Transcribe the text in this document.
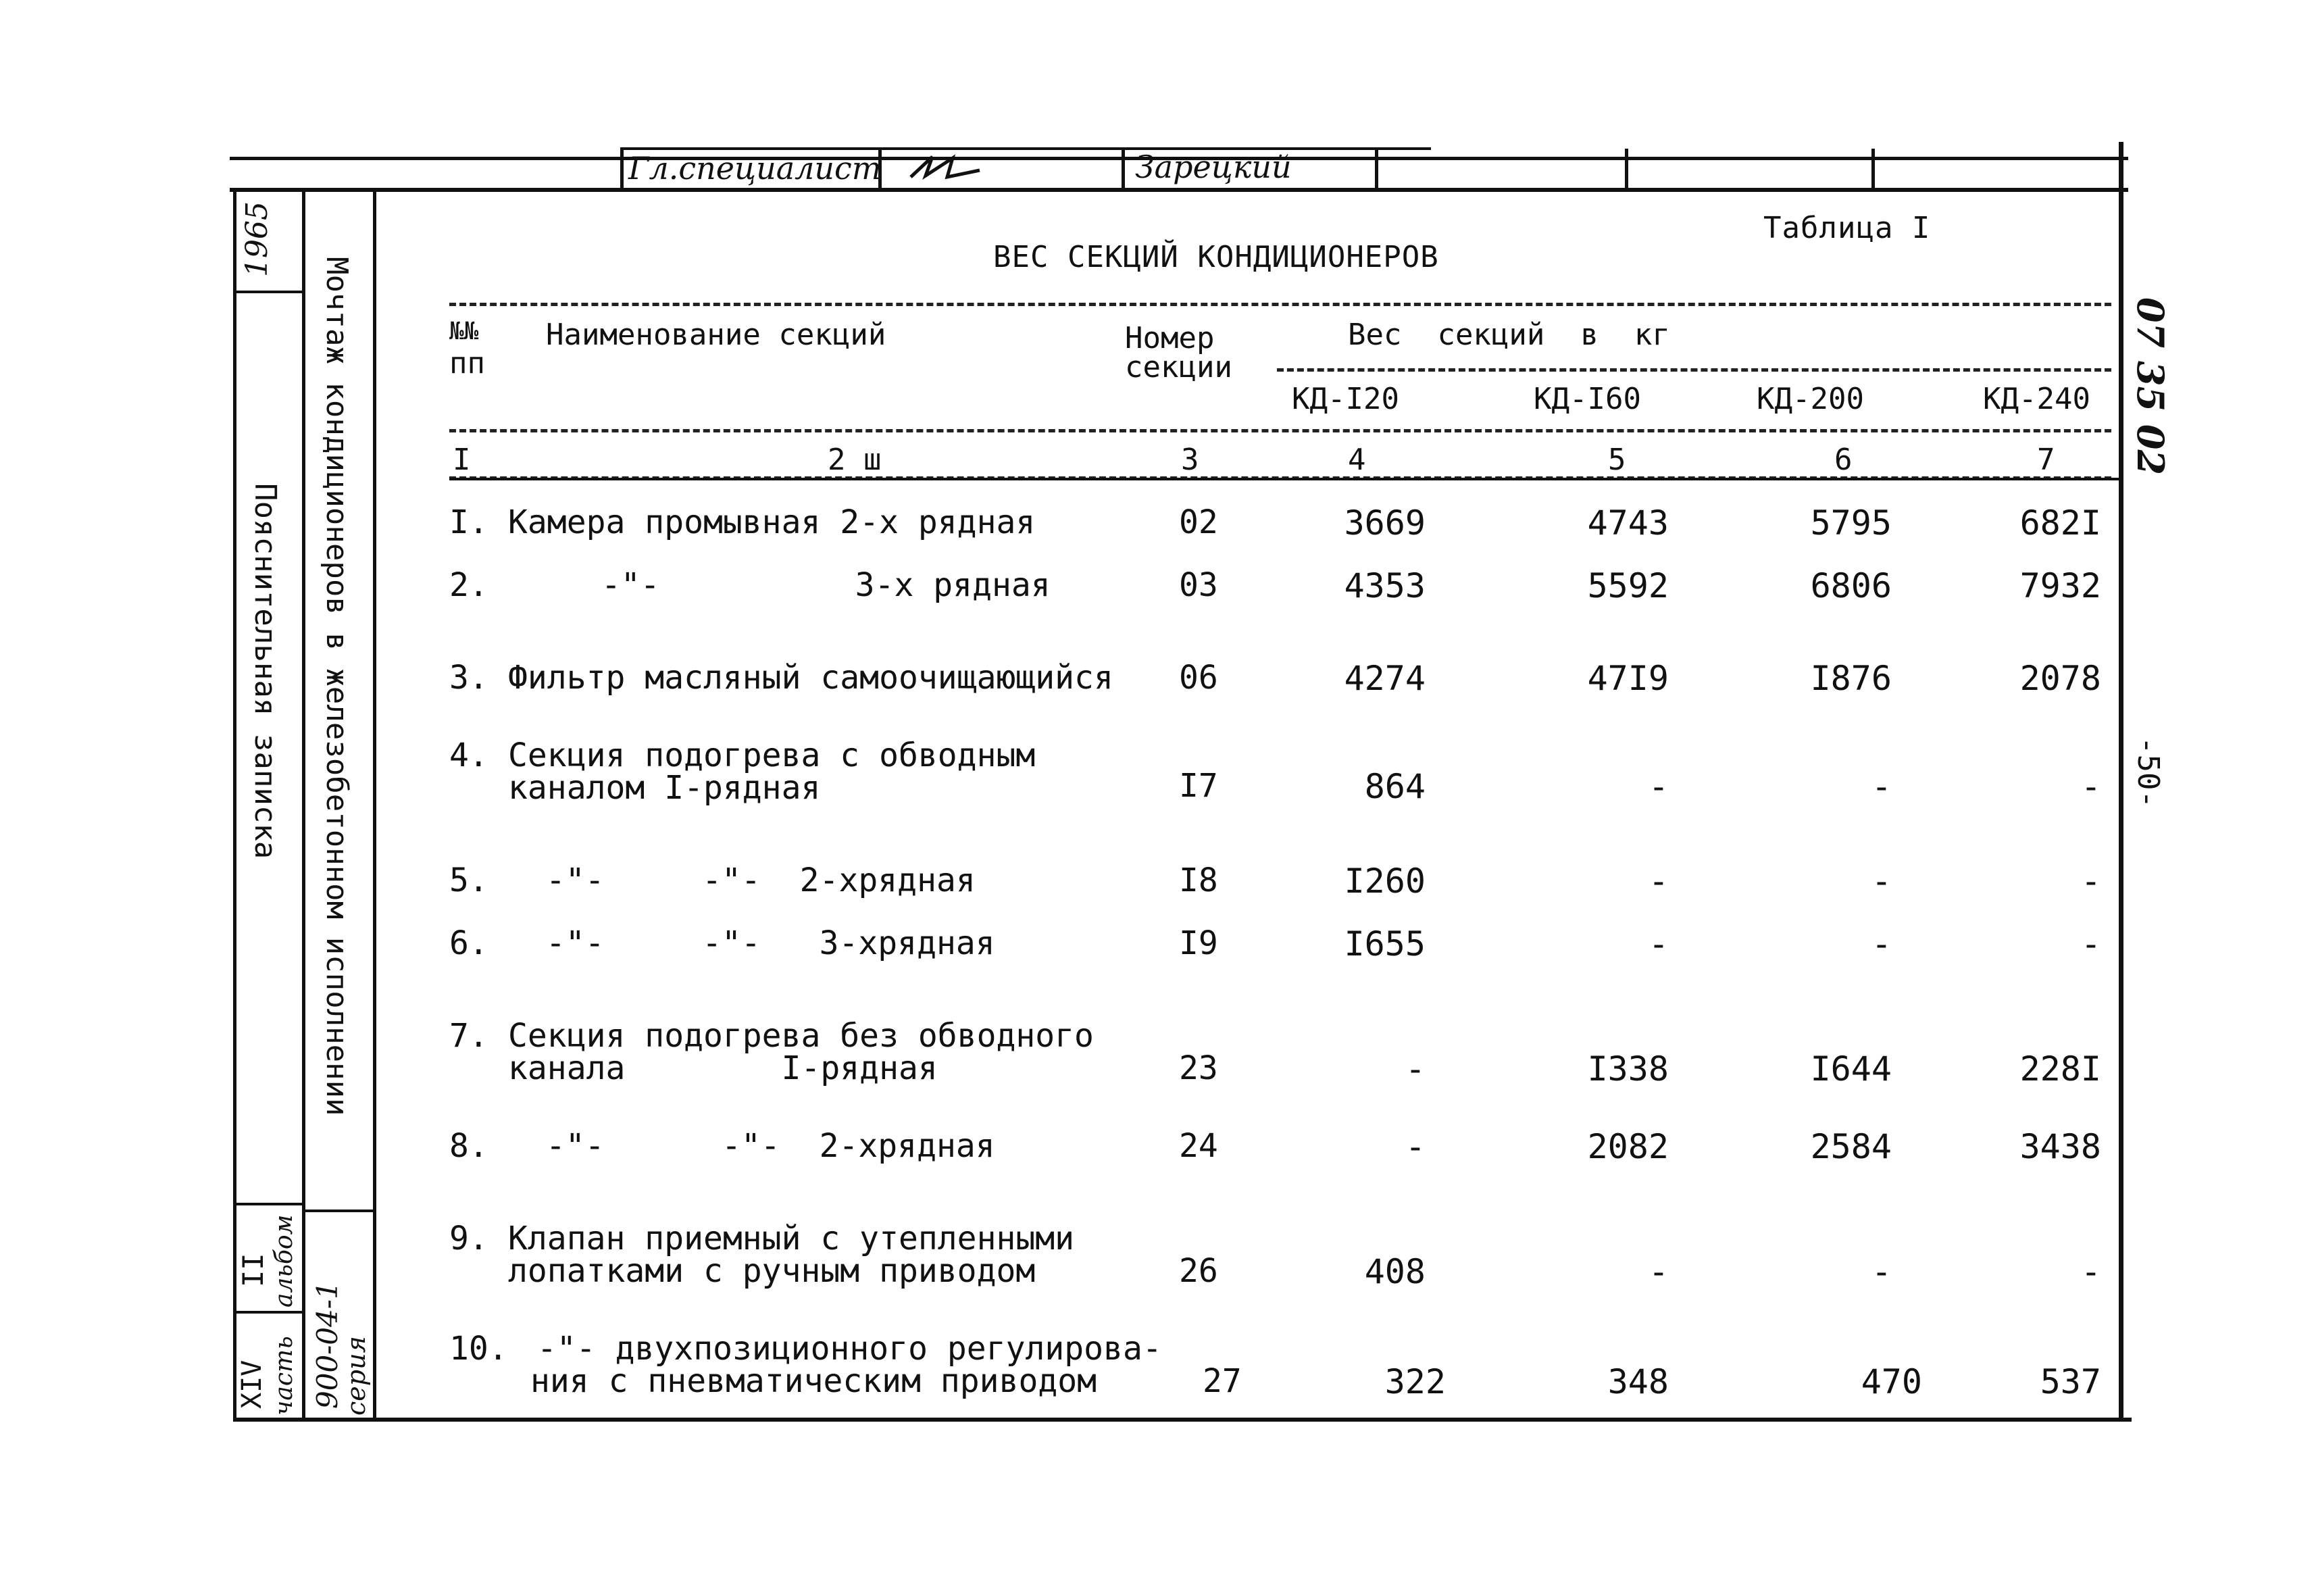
Гл.специалист	Зарецкий
1965
Пояснительная записка Мочтаж кондиционеров в железобетонном исполнении
альбом
II
часть
XIV	серия
900-04-1
07 35 02
-50-
Таблица I
ВЕС СЕКЦИЙ КОНДИЦИОНЕРОВ
№№
пп
Наименование секций	Номер
секции
Вес  секций  в  кг
КД-I20	КД-I60	КД-200	КД-240
I	2 ш	3	4	5	6	7
I. Камера промывная 2-х рядная	02	3669	4743	5795	682I
2.	-"-          3-х рядная	03	4353	5592	6806	7932
3. Фильтр масляный самоочищающийся 06	4274	47I9	I876	2078
4. Секция подогрева с обводным
каналом I-рядная	I7	864	-	-	-
5. -"-     -"-  2-хрядная	I8	I260	-	-	-
6. -"-     -"-   3-хрядная	I9	I655	-	-	-
7. Секция подогрева без обводного
канала        I-рядная	23	-	I338	I644	228I
8. -"-      -"-  2-хрядная	24	-	2082	2584	3438
9. Клапан приемный с утепленными
лопатками с ручным приводом	26	408	-	-	-
10. -"- двухпозиционного регулирова-
ния с пневматическим приводом	27	322	348	470	537
